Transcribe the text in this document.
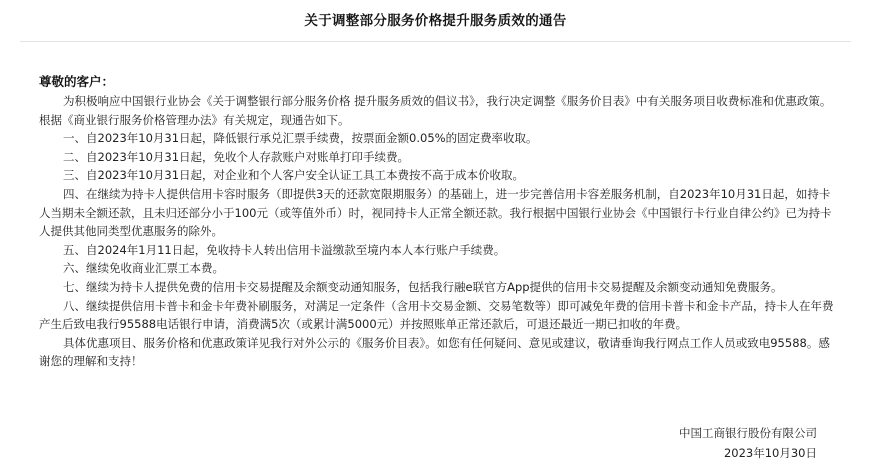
关于调整部分服务价格提升服务质效的通告
尊敬的客户：

为积极响应中国银行业协会《关于调整银行部分服务价格 提升服务质效的倡议书》，我行决定调整《服务价目表》中有关服务项目收费标准和优惠政策。根据《商业银行服务价格管理办法》有关规定，现通告如下。

一、自2023年10月31日起，降低银行承兑汇票手续费，按票面金额0.05%的固定费率收取。

二、自2023年10月31日起，免收个人存款账户对账单打印手续费。

三、自2023年10月31日起，对企业和个人客户安全认证工具工本费按不高于成本价收取。

四、在继续为持卡人提供信用卡容时服务（即提供3天的还款宽限期服务）的基础上，进一步完善信用卡容差服务机制，自2023年10月31日起，如持卡人当期未全额还款，且未归还部分小于100元（或等值外币）时，视同持卡人正常全额还款。我行根据中国银行业协会《中国银行卡行业自律公约》已为持卡人提供其他同类型优惠服务的除外。

五、自2024年1月11日起，免收持卡人转出信用卡溢缴款至境内本人本行账户手续费。

六、继续免收商业汇票工本费。

七、继续为持卡人提供免费的信用卡交易提醒及余额变动通知服务，包括我行融e联官方App提供的信用卡交易提醒及余额变动通知免费服务。

八、继续提供信用卡普卡和金卡年费补刷服务，对满足一定条件（含用卡交易金额、交易笔数等）即可减免年费的信用卡普卡和金卡产品，持卡人在年费产生后致电我行95588电话银行申请，消费满5次（或累计满5000元）并按照账单正常还款后，可退还最近一期已扣收的年费。

具体优惠项目、服务价格和优惠政策详见我行对外公示的《服务价目表》。如您有任何疑问、意见或建议，敬请垂询我行网点工作人员或致电95588。感谢您的理解和支持！

中国工商银行股份有限公司
2023年10月30日
